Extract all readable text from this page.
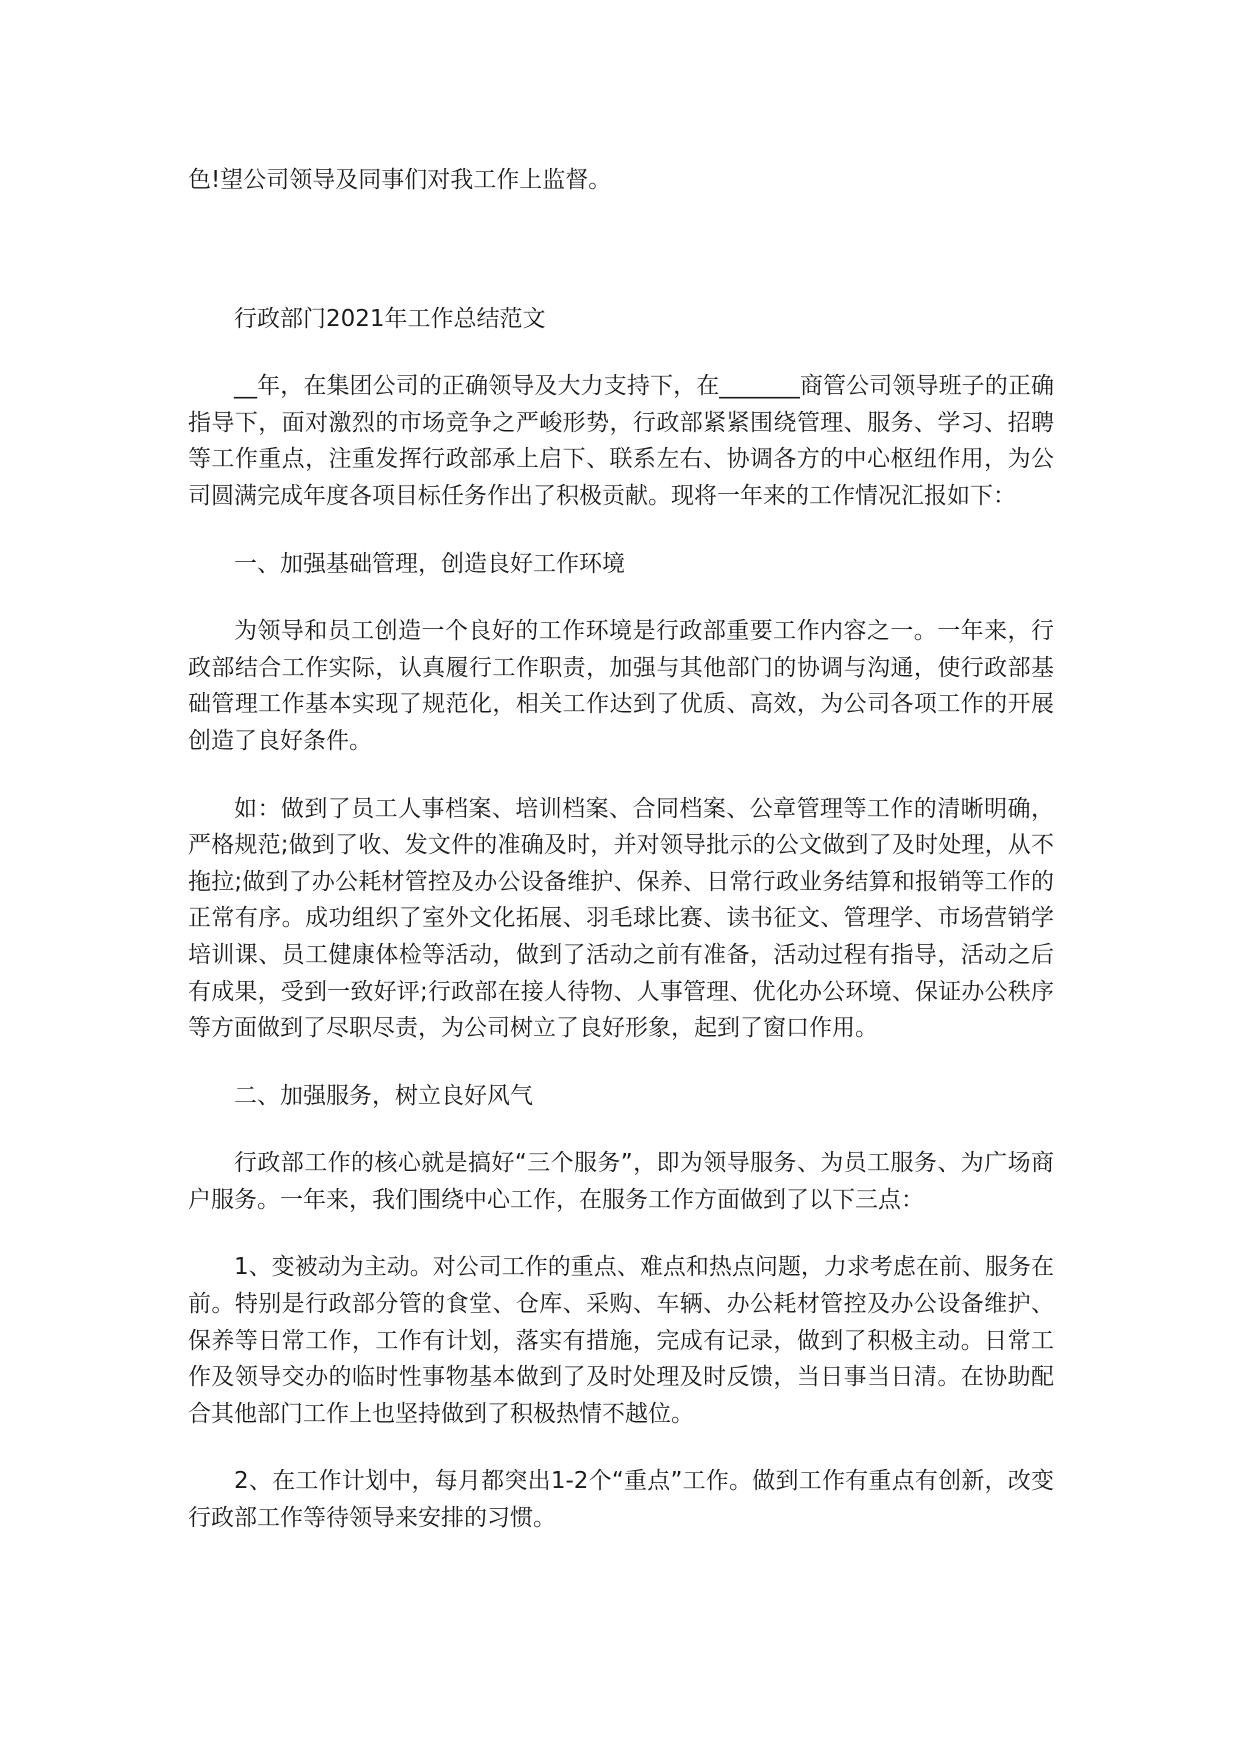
色!望公司领导及同事们对我工作上监督。

行政部门2021年工作总结范文

__年，在集团公司的正确领导及大力支持下，在_______商管公司领导班子的正确指导下，面对激烈的市场竞争之严峻形势，行政部紧紧围绕管理、服务、学习、招聘等工作重点，注重发挥行政部承上启下、联系左右、协调各方的中心枢纽作用，为公司圆满完成年度各项目标任务作出了积极贡献。现将一年来的工作情况汇报如下：

一、加强基础管理，创造良好工作环境

为领导和员工创造一个良好的工作环境是行政部重要工作内容之一。一年来，行政部结合工作实际，认真履行工作职责，加强与其他部门的协调与沟通，使行政部基础管理工作基本实现了规范化，相关工作达到了优质、高效，为公司各项工作的开展创造了良好条件。

如：做到了员工人事档案、培训档案、合同档案、公章管理等工作的清晰明确，严格规范;做到了收、发文件的准确及时，并对领导批示的公文做到了及时处理，从不拖拉;做到了办公耗材管控及办公设备维护、保养、日常行政业务结算和报销等工作的正常有序。成功组织了室外文化拓展、羽毛球比赛、读书征文、管理学、市场营销学培训课、员工健康体检等活动，做到了活动之前有准备，活动过程有指导，活动之后有成果，受到一致好评;行政部在接人待物、人事管理、优化办公环境、保证办公秩序等方面做到了尽职尽责，为公司树立了良好形象，起到了窗口作用。

二、加强服务，树立良好风气

行政部工作的核心就是搞好“三个服务”，即为领导服务、为员工服务、为广场商户服务。一年来，我们围绕中心工作，在服务工作方面做到了以下三点：

1、变被动为主动。对公司工作的重点、难点和热点问题，力求考虑在前、服务在前。特别是行政部分管的食堂、仓库、采购、车辆、办公耗材管控及办公设备维护、保养等日常工作，工作有计划，落实有措施，完成有记录，做到了积极主动。日常工作及领导交办的临时性事物基本做到了及时处理及时反馈，当日事当日清。在协助配合其他部门工作上也坚持做到了积极热情不越位。

2、在工作计划中，每月都突出1-2个“重点”工作。做到工作有重点有创新，改变行政部工作等待领导来安排的习惯。
